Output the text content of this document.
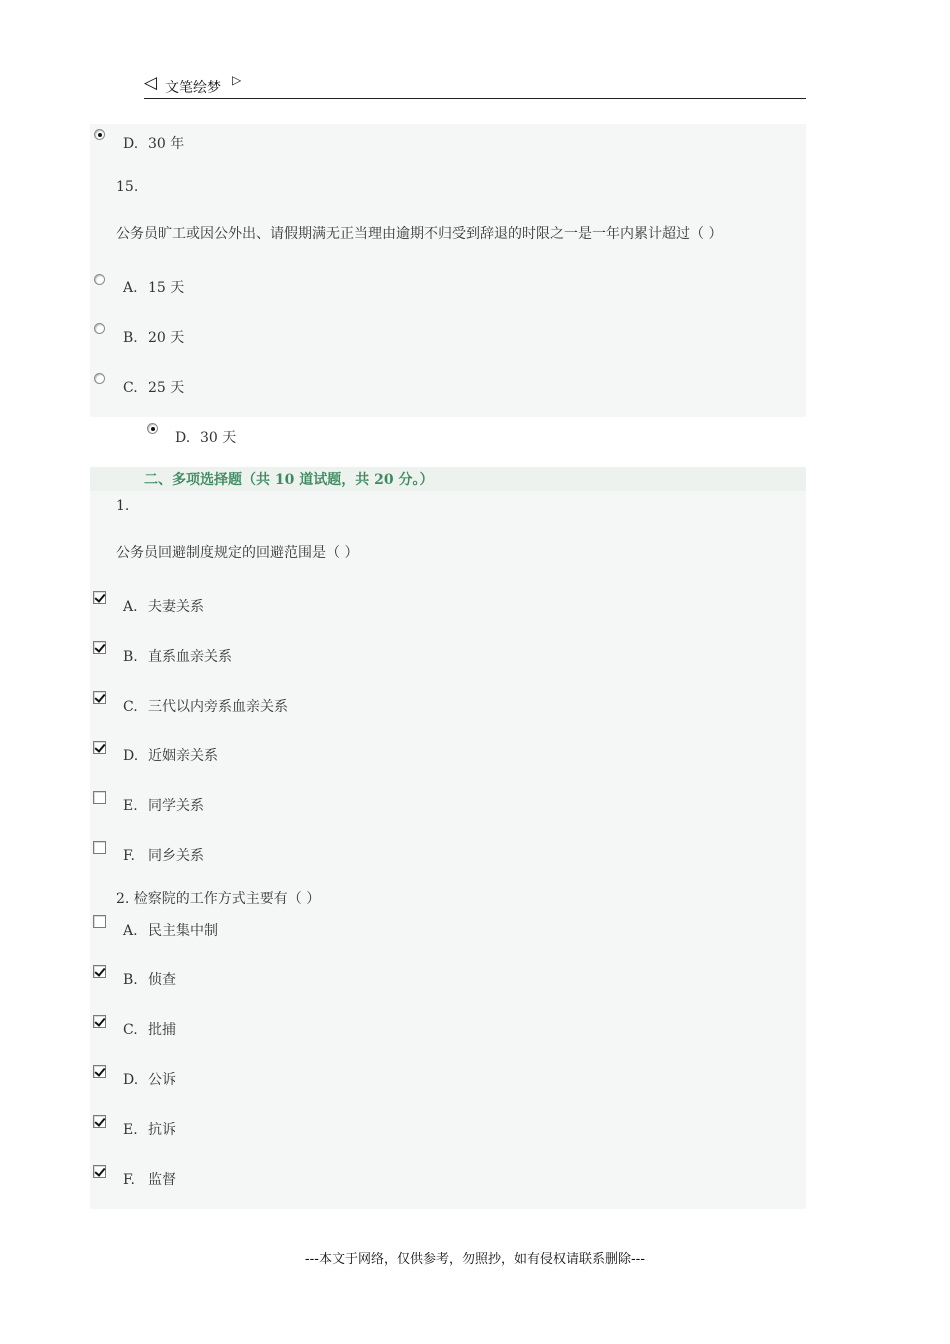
◁ 文笔绘梦 ▷
D. 30 年
15.
公务员旷工或因公外出、请假期满无正当理由逾期不归受到辞退的时限之一是一年内累计超过（ ）
A. 15 天
B. 20 天
C. 25 天
D. 30 天
二、多项选择题（共 10 道试题，共 20 分。）
1.
公务员回避制度规定的回避范围是（ ）
A. 夫妻关系
B. 直系血亲关系
C. 三代以内旁系血亲关系
D. 近姻亲关系
E. 同学关系
F. 同乡关系
2. 检察院的工作方式主要有（ ）
A. 民主集中制
B. 侦查
C. 批捕
D. 公诉
E. 抗诉
F. 监督
---本文于网络，仅供参考，勿照抄，如有侵权请联系删除---
